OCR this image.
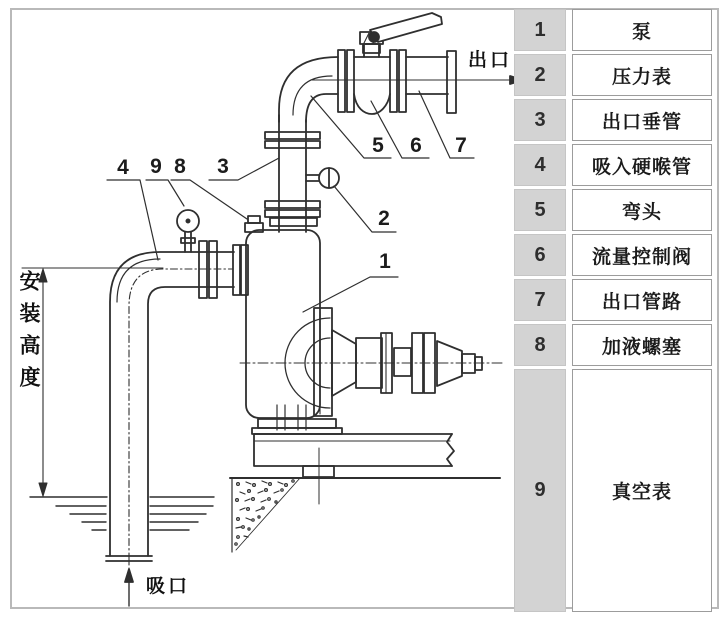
4 9 8 3
5 6 7
2
1
出口
吸口
安装高度
1	泵
2	压力表
3	出口垂管
4	吸入硬喉管
5	弯头
6	流量控制阀
7	出口管路
8	加液螺塞
9	真空表
